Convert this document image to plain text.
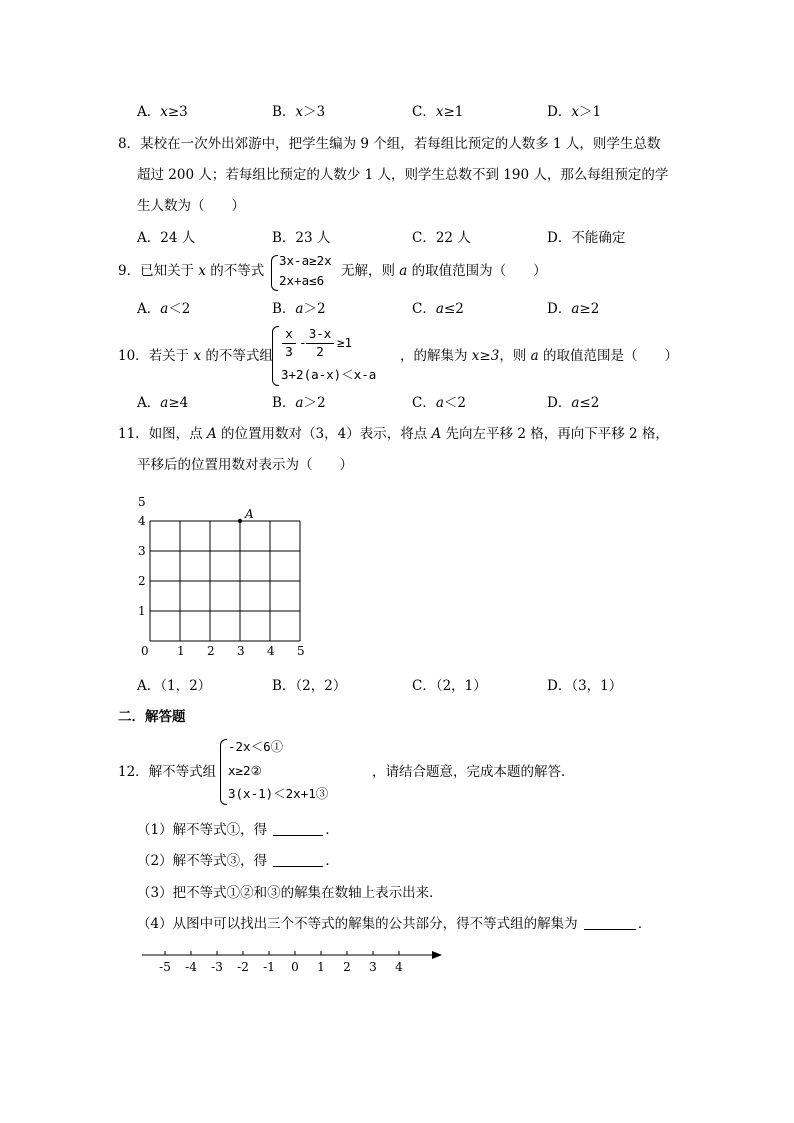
A．x≥3	B．x＞3	C．x≥1	D．x＞1
8．某校在一次外出郊游中，把学生编为 9 个组，若每组比预定的人数多 1 人，则学生总数
超过 200 人；若每组比预定的人数少 1 人，则学生总数不到 190 人，那么每组预定的学
生人数为（　　）
A．24 人	B．23 人	C．22 人	D．不能确定
9．已知关于 x 的不等式
3x-a≥2x
2x+a≤6
无解，则 a 的取值范围为（　　）
A．a＜2	B．a＞2	C．a≤2	D．a≥2
10．若关于 x 的不等式组
x
3
-
3-x
2
≥1
3+2(a-x)＜x-a
，的解集为 x≥3，则 a 的取值范围是（　　）
A．a≥4	B．a＞2	C．a＜2	D．a≤2
11．如图，点 A 的位置用数对（3，4）表示，将点 A 先向左平移 2 格，再向下平移 2 格，
平移后的位置用数对表示为（　　）
0 1 2 3 4 5
1
2
3
4
5
A
A．（1，2）	B．（2，2）	C．（2，1）	D．（3，1）
二．解答题
12．解不等式组
-2x＜6①
x≥2②
3(x-1)＜2x+1③
，请结合题意，完成本题的解答．
（1）解不等式①，得	．
（2）解不等式③，得	．
（3）把不等式①②和③的解集在数轴上表示出来．
（4）从图中可以找出三个不等式的解集的公共部分，得不等式组的解集为	．
-5 -4 -3 -2 -1 0 1 2 3 4
